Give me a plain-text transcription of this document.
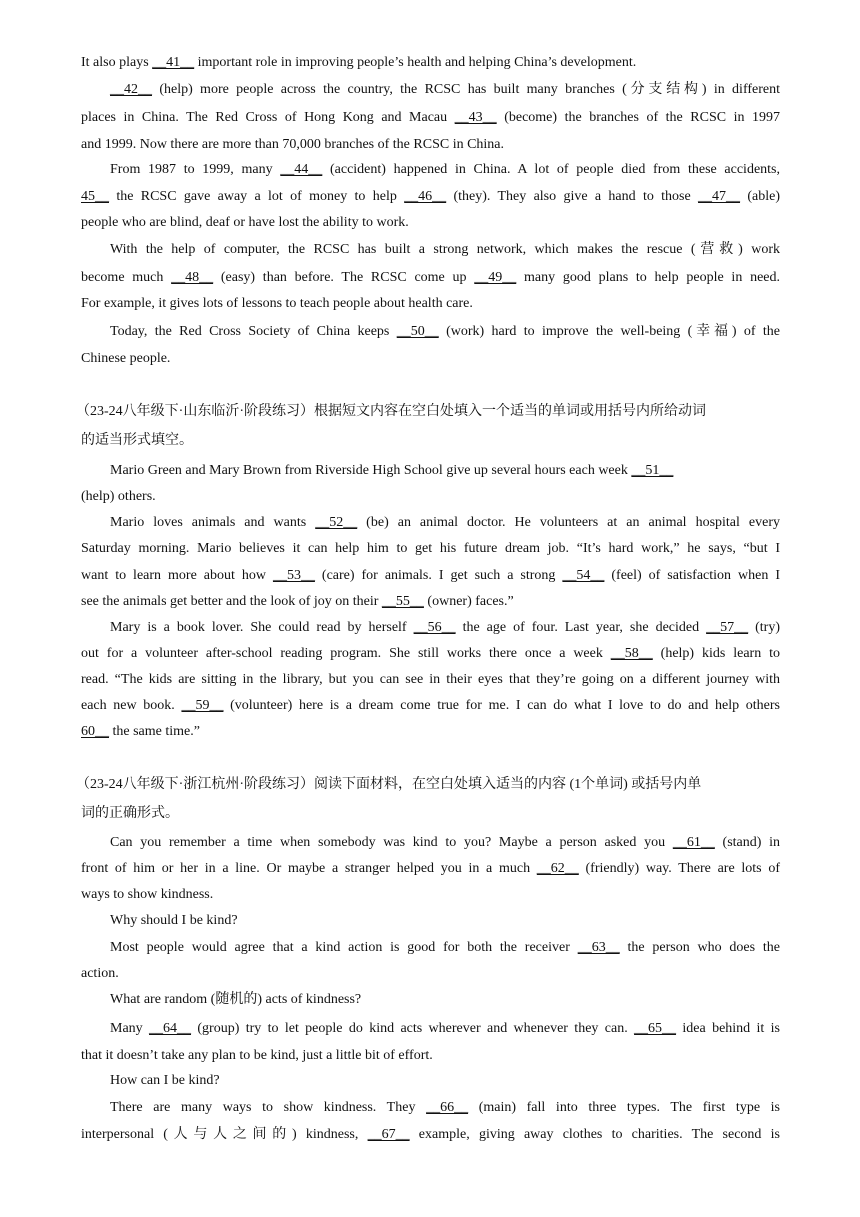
It also plays __41__ important role in improving people’s health and helping China’s development.
__42__ (help) more people across the country, the RCSC has built many branches (分支结构) in different
places in China. The Red Cross of Hong Kong and Macau __43__ (become) the branches of the RCSC in 1997
and 1999. Now there are more than 70,000 branches of the RCSC in China.
From 1987 to 1999, many __44__ (accident) happened in China. A lot of people died from these accidents,
45__ the RCSC gave away a lot of money to help __46__ (they). They also give a hand to those __47__ (able)
people who are blind, deaf or have lost the ability to work.
With the help of computer, the RCSC has built a strong network, which makes the rescue (营救) work
become much __48__ (easy) than before. The RCSC come up __49__ many good plans to help people in need.
For example, it gives lots of lessons to teach people about health care.
Today, the Red Cross Society of China keeps __50__ (work) hard to improve the well-being (幸福) of the
Chinese people.
（23-24八年级下·山东临沂·阶段练习）根据短文内容在空白处填入一个适当的单词或用括号内所给动词
的适当形式填空。
Mario Green and Mary Brown from Riverside High School give up several hours each week __51__
(help) others.
Mario loves animals and wants __52__ (be) an animal doctor. He volunteers at an animal hospital every
Saturday morning. Mario believes it can help him to get his future dream job. “It’s hard work,” he says, “but I
want to learn more about how __53__ (care) for animals. I get such a strong __54__ (feel) of satisfaction when I
see the animals get better and the look of joy on their __55__ (owner) faces.”
Mary is a book lover. She could read by herself __56__ the age of four. Last year, she decided __57__ (try)
out for a volunteer after-school reading program. She still works there once a week __58__ (help) kids learn to
read. “The kids are sitting in the library, but you can see in their eyes that they’re going on a different journey with
each new book. __59__ (volunteer) here is a dream come true for me. I can do what I love to do and help others
60__ the same time.”
（23-24八年级下·浙江杭州·阶段练习）阅读下面材料，在空白处填入适当的内容 (1个单词) 或括号内单
词的正确形式。
Can you remember a time when somebody was kind to you? Maybe a person asked you __61__ (stand) in
front of him or her in a line. Or maybe a stranger helped you in a much __62__ (friendly) way. There are lots of
ways to show kindness.
Why should I be kind?
Most people would agree that a kind action is good for both the receiver __63__ the person who does the
action.
What are random (随机的) acts of kindness?
Many __64__ (group) try to let people do kind acts wherever and whenever they can. __65__ idea behind it is
that it doesn’t take any plan to be kind, just a little bit of effort.
How can I be kind?
There are many ways to show kindness. They __66__ (main) fall into three types. The first type is
interpersonal (人与人之间的) kindness, __67__ example, giving away clothes to charities. The second is
